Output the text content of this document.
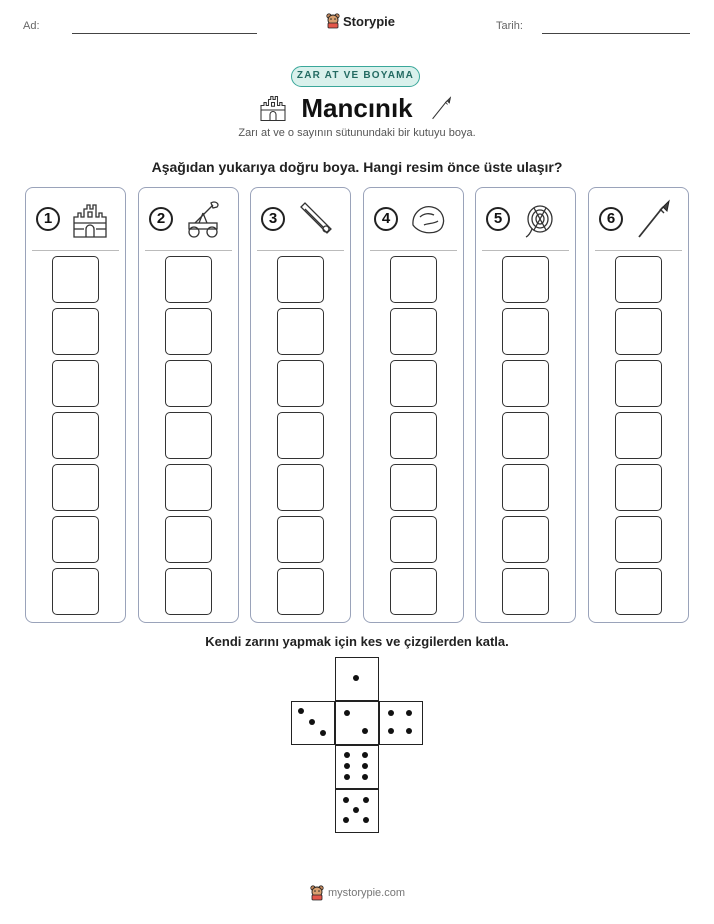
Ad:	Storypie	Tarih:
ZAR AT VE BOYAMA
Mancınık
Zarı at ve o sayının sütunundaki bir kutuyu boya.
Aşağıdan yukarıya doğru boya. Hangi resim önce üste ulaşır?
1	2	3	4	5	6
Kendi zarını yapmak için kes ve çizgilerden katla.
mystorypie.com
